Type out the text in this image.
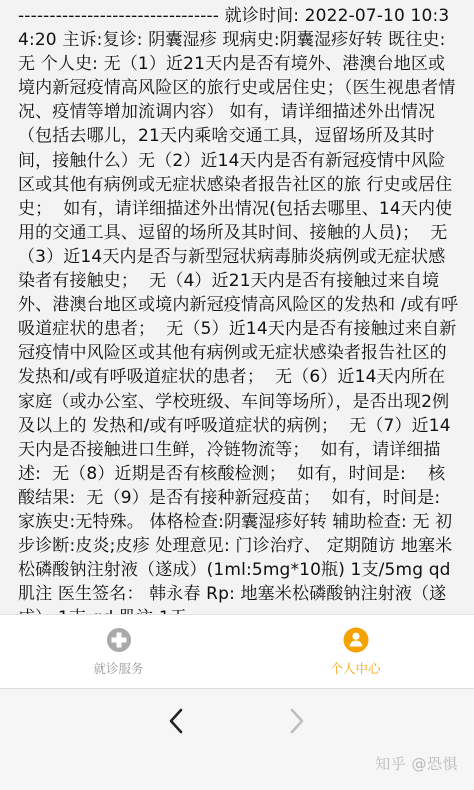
-------------------------------- 就诊时间: 2022-07-10 10:34:20 主诉:复诊: 阴囊湿疹 现病史:阴囊湿疹好转 既往史:无 个人史: 无（1）近21天内是否有境外、港澳台地区或境内新冠疫情高风险区的旅行史或居住史；（医生视患者情况、疫情等增加流调内容） 如有，请详细描述外出情况（包括去哪儿，21天内乘啥交通工具，逗留场所及其时间，接触什么）无（2）近14天内是否有新冠疫情中风险区或其他有病例或无症状感染者报告社区的旅 行史或居住史；  如有，请详细描述外出情况(包括去哪里、14天内使用的交通工具、逗留的场所及其时间、接触的人员)；  无（3）近14天内是否与新型冠状病毒肺炎病例或无症状感染者有接触史；  无（4）近21天内是否有接触过来自境外、港澳台地区或境内新冠疫情高风险区的发热和 /或有呼吸道症状的患者；  无（5）近14天内是否有接触过来自新冠疫情中风险区或其他有病例或无症状感染者报告社区的发热和/或有呼吸道症状的患者；  无（6）近14天内所在家庭（或办公室、学校班级、车间等场所），是否出现2例及以上的 发热和/或有呼吸道症状的病例；  无（7）近14天内是否接触进口生鲜，冷链物流等；  如有，请详细描述:  无（8）近期是否有核酸检测；  如有，时间是:    核酸结果:  无（9）是否有接种新冠疫苗；  如有，时间是:    家族史:无特殊。 体格检查:阴囊湿疹好转 辅助检查: 无 初步诊断:皮炎;皮疹 处理意见: 门诊治疗、 定期随访 地塞米松磷酸钠注射液（遂成）(1ml:5mg*10瓶) 1支/5mg qd 肌注 医生签名： 韩永春 Rp: 地塞米松磷酸钠注射液（遂

就诊服务	个人中心
知乎 @恐惧
